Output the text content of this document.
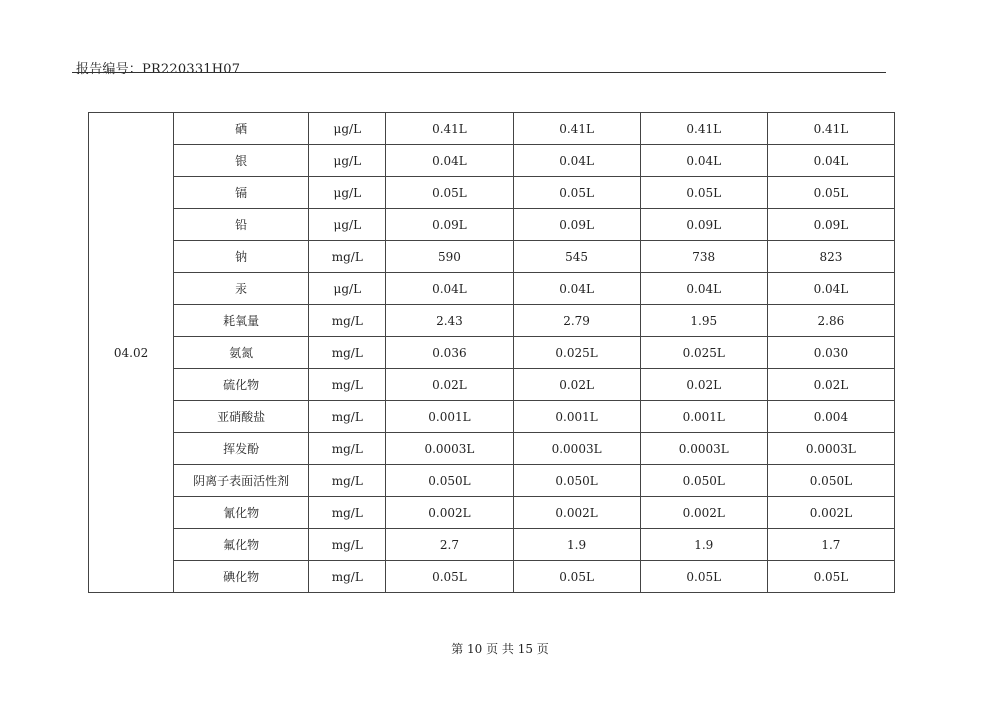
报告编号：PR220331H07
04.02	硒	μg/L	0.41L	0.41L	0.41L	0.41L
	银	μg/L	0.04L	0.04L	0.04L	0.04L
	镉	μg/L	0.05L	0.05L	0.05L	0.05L
	铅	μg/L	0.09L	0.09L	0.09L	0.09L
	钠	mg/L	590	545	738	823
	汞	μg/L	0.04L	0.04L	0.04L	0.04L
	耗氧量	mg/L	2.43	2.79	1.95	2.86
	氨氮	mg/L	0.036	0.025L	0.025L	0.030
	硫化物	mg/L	0.02L	0.02L	0.02L	0.02L
	亚硝酸盐	mg/L	0.001L	0.001L	0.001L	0.004
	挥发酚	mg/L	0.0003L	0.0003L	0.0003L	0.0003L
	阴离子表面活性剂	mg/L	0.050L	0.050L	0.050L	0.050L
	氰化物	mg/L	0.002L	0.002L	0.002L	0.002L
	氟化物	mg/L	2.7	1.9	1.9	1.7
	碘化物	mg/L	0.05L	0.05L	0.05L	0.05L
第 10 页 共 15 页
